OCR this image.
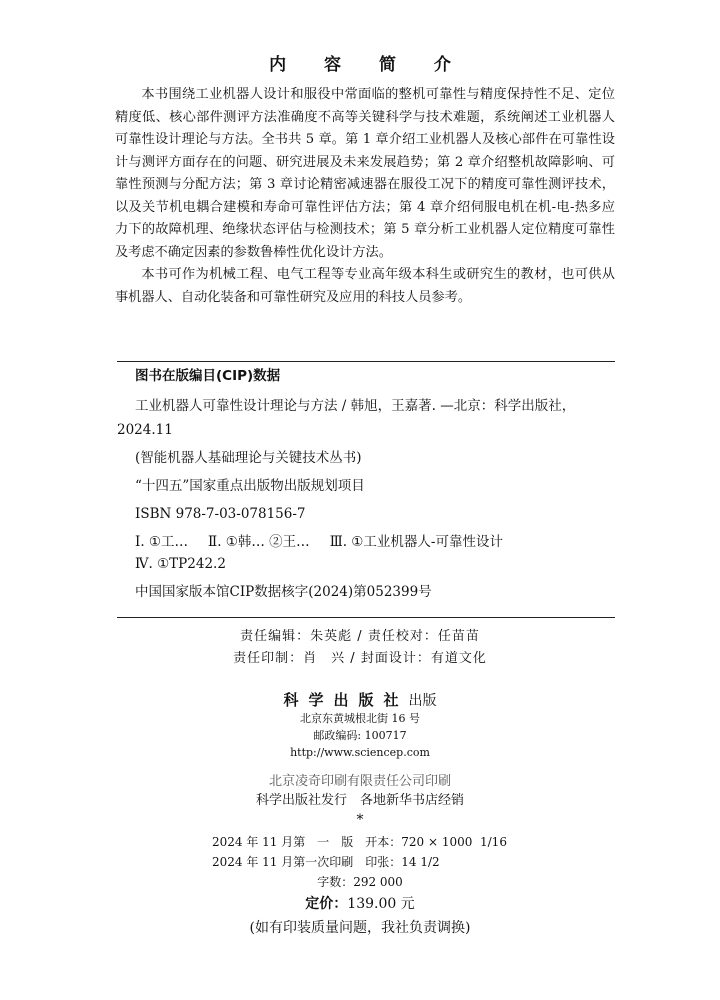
内 容 简 介

本书围绕工业机器人设计和服役中常面临的整机可靠性与精度保持性不足、定位精度低、核心部件测评方法准确度不高等关键科学与技术难题，系统阐述工业机器人可靠性设计理论与方法。全书共 5 章。第 1 章介绍工业机器人及核心部件在可靠性设计与测评方面存在的问题、研究进展及未来发展趋势；第 2 章介绍整机故障影响、可靠性预测与分配方法；第 3 章讨论精密减速器在服役工况下的精度可靠性测评技术，以及关节机电耦合建模和寿命可靠性评估方法；第 4 章介绍伺服电机在机-电-热多应力下的故障机理、绝缘状态评估与检测技术；第 5 章分析工业机器人定位精度可靠性及考虑不确定因素的参数鲁棒性优化设计方法。

本书可作为机械工程、电气工程等专业高年级本科生或研究生的教材，也可供从事机器人、自动化装备和可靠性研究及应用的科技人员参考。

图书在版编目(CIP)数据
工业机器人可靠性设计理论与方法 / 韩旭，王嘉著. —北京：科学出版社，
2024.11
(智能机器人基础理论与关键技术丛书)
“十四五”国家重点出版物出版规划项目
ISBN 978-7-03-078156-7
Ⅰ. ①工… Ⅱ. ①韩… ②王… Ⅲ. ①工业机器人-可靠性设计
Ⅳ. ①TP242.2
中国国家版本馆CIP数据核字(2024)第052399号
责任编辑：朱英彪 / 责任校对：任苗苗
责任印制：肖　兴 / 封面设计：有道文化
科学出版社出版
北京东黄城根北街 16 号
邮政编码: 100717
http://www.sciencep.com
北京凌奇印刷有限责任公司印刷
科学出版社发行　各地新华书店经销
*
2024 年 11 月第　一　版　开本：720 × 1000  1/16
2024 年 11 月第一次印刷　印张：14 1/2
字数：292 000
定价：139.00 元
(如有印装质量问题，我社负责调换)
